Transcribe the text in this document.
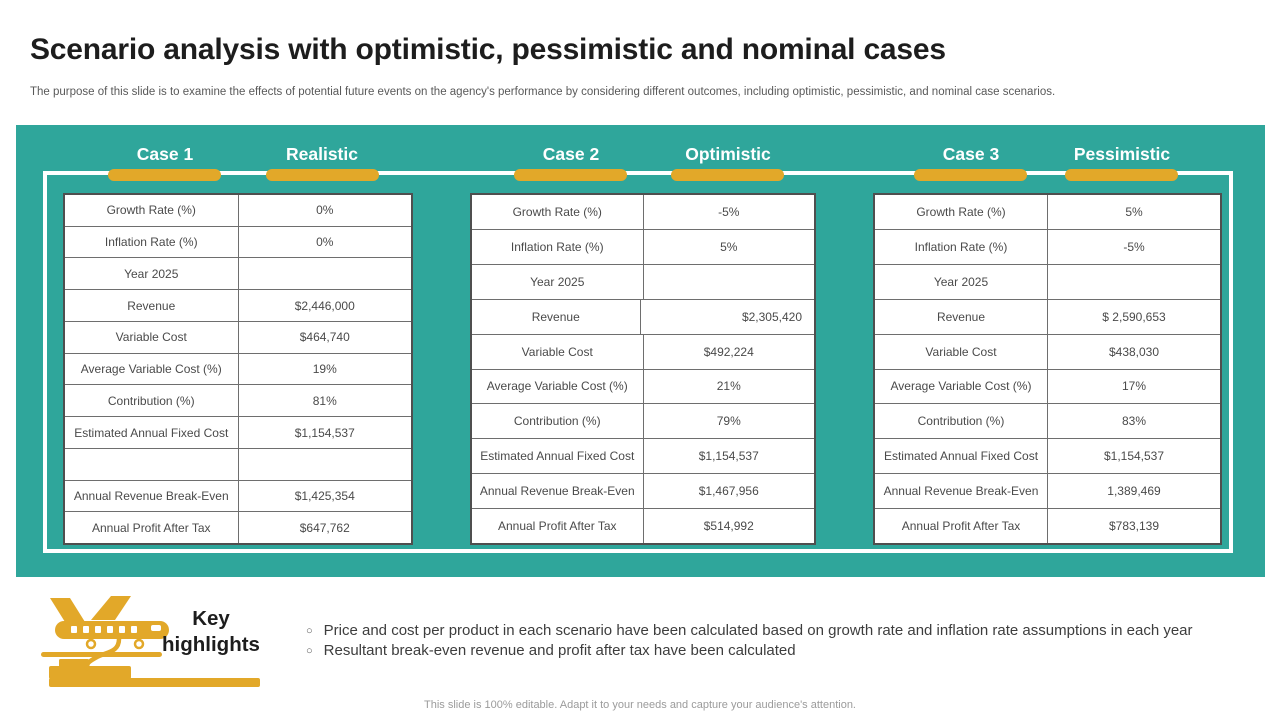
Scenario analysis with optimistic, pessimistic and nominal cases
The purpose of this slide is to examine the effects of potential future events on the agency's performance by considering different outcomes, including optimistic, pessimistic, and nominal case scenarios.
Case 1	Realistic	Case 2	Optimistic	Case 3	Pessimistic
Growth Rate (%)	0%
Inflation Rate (%)	0%
Year 2025
Revenue	$2,446,000
Variable Cost	$464,740
Average Variable Cost (%)	19%
Contribution (%)	81%
Estimated Annual Fixed Cost	$1,154,537
Annual Revenue Break-Even	$1,425,354
Annual Profit After Tax	$647,762
Growth Rate (%)	-5%
Inflation Rate (%)	5%
Year 2025
Revenue	$2,305,420
Variable Cost	$492,224
Average Variable Cost (%)	21%
Contribution (%)	79%
Estimated Annual Fixed Cost	$1,154,537
Annual Revenue Break-Even	$1,467,956
Annual Profit After Tax	$514,992
Growth Rate (%)	5%
Inflation Rate (%)	-5%
Year 2025
Revenue	$ 2,590,653
Variable Cost	$438,030
Average Variable Cost (%)	17%
Contribution (%)	83%
Estimated Annual Fixed Cost	$1,154,537
Annual Revenue Break-Even	1,389,469
Annual Profit After Tax	$783,139
Key highlights
○ Price and cost per product in each scenario have been calculated based on growth rate and inflation rate assumptions in each year
○ Resultant break-even revenue and profit after tax have been calculated
This slide is 100% editable. Adapt it to your needs and capture your audience's attention.
